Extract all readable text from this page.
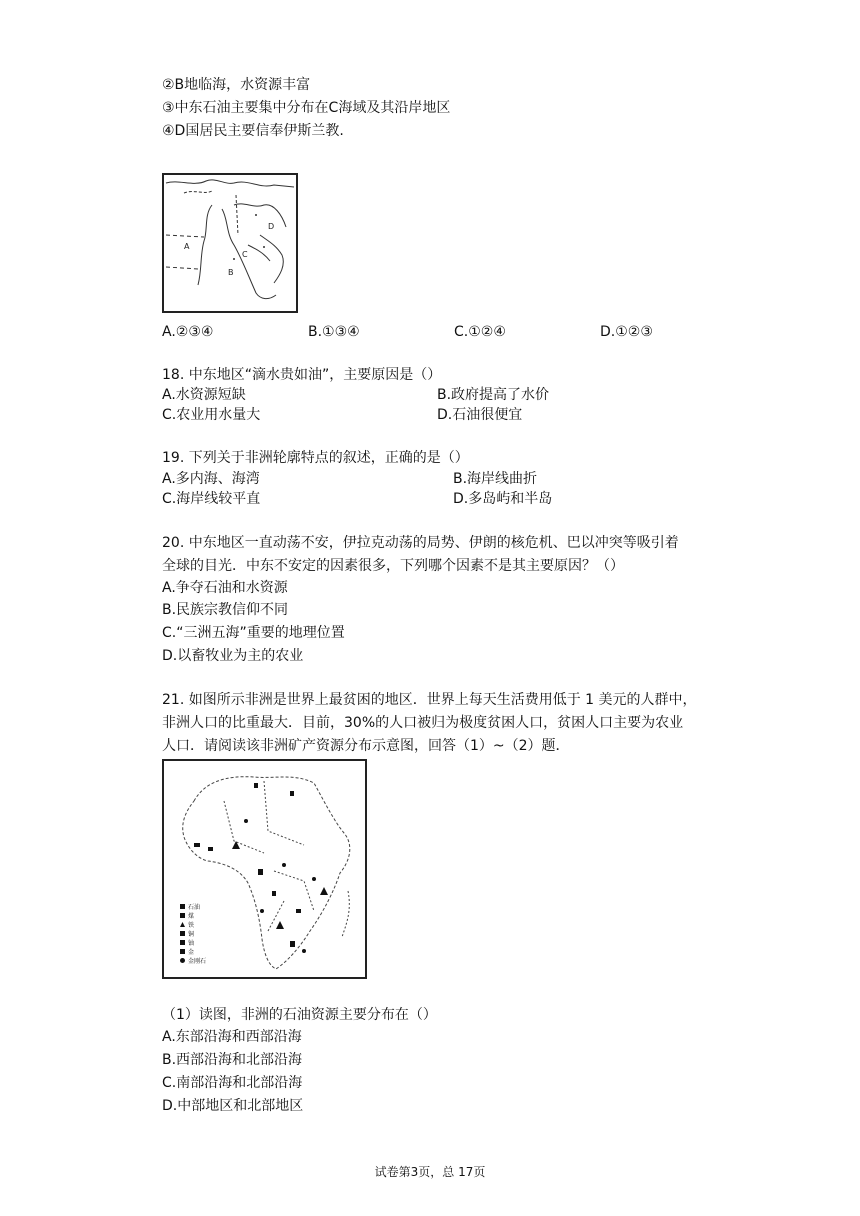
②B地临海，水资源丰富
③中东石油主要集中分布在C海域及其沿岸地区
④D国居民主要信奉伊斯兰教.
A
B
C
D
A.②③④	B.①③④	C.①②④	D.①②③
18. 中东地区“滴水贵如油”，主要原因是（）
A.水资源短缺	B.政府提高了水价
C.农业用水量大	D.石油很便宜
19. 下列关于非洲轮廓特点的叙述，正确的是（）
A.多内海、海湾	B.海岸线曲折
C.海岸线较平直	D.多岛屿和半岛
20. 中东地区一直动荡不安，伊拉克动荡的局势、伊朗的核危机、巴以冲突等吸引着
全球的目光．中东不安定的因素很多，下列哪个因素不是其主要原因？（）
A.争夺石油和水资源
B.民族宗教信仰不同
C.“三洲五海”重要的地理位置
D.以畜牧业为主的农业
21. 如图所示非洲是世界上最贫困的地区．世界上每天生活费用低于 1 美元的人群中，
非洲人口的比重最大．目前，30%的人口被归为极度贫困人口，贫困人口主要为农业
人口．请阅读该非洲矿产资源分布示意图，回答（1）~（2）题．
石油
煤
铁
铜
铀
金
金刚石
（1）读图，非洲的石油资源主要分布在（）
A.东部沿海和西部沿海
B.西部沿海和北部沿海
C.南部沿海和北部沿海
D.中部地区和北部地区
试卷第3页，总 17页
